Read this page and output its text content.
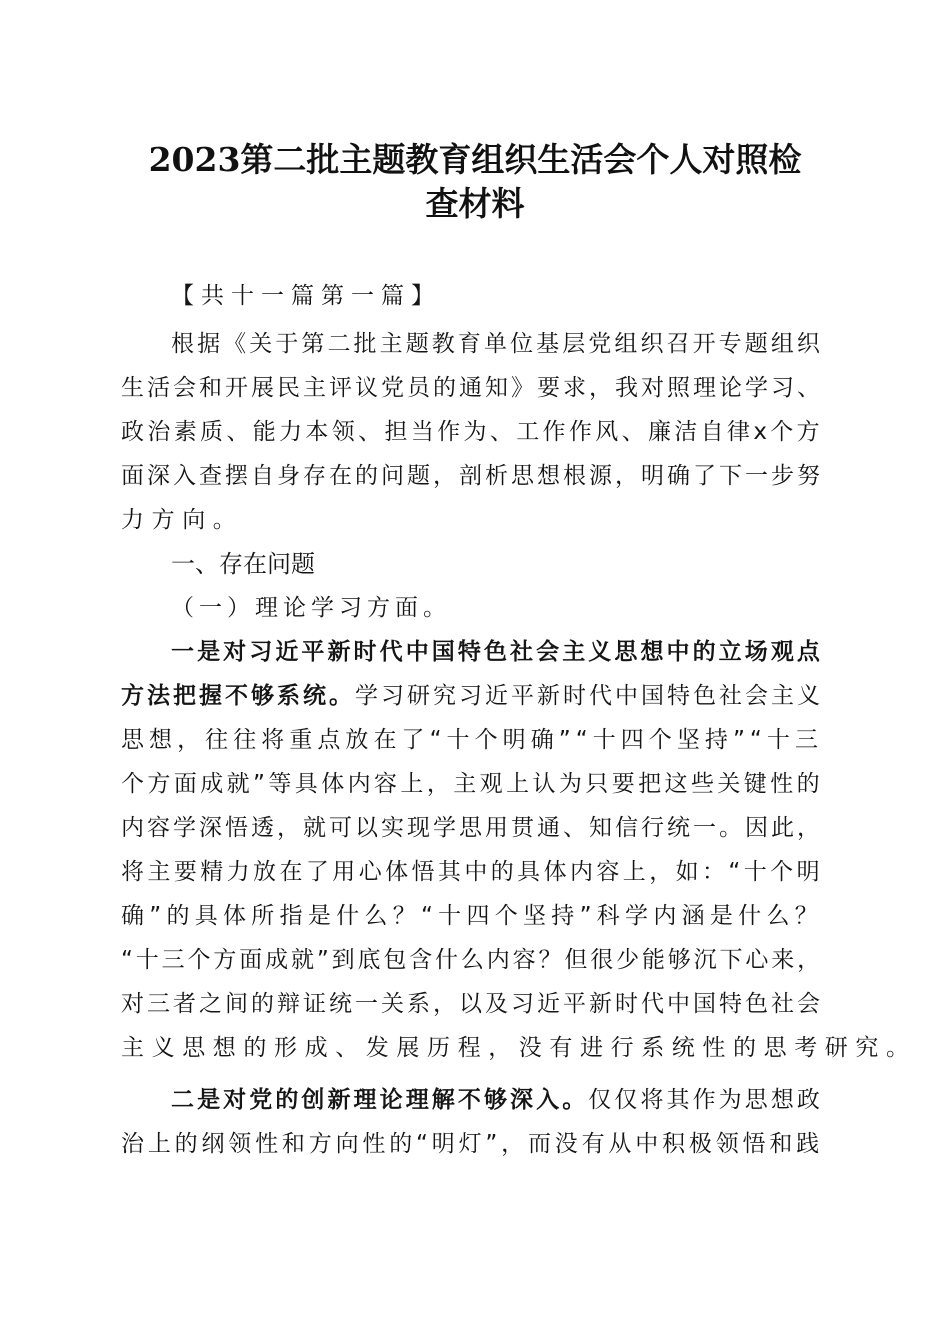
2023第二批主题教育组织生活会个人对照检
查材料
【共十一篇第一篇】
根据《关于第二批主题教育单位基层党组织召开专题组织
生活会和开展民主评议党员的通知》要求，我对照理论学习、
政治素质、能力本领、担当作为、工作作风、廉洁自律x个方
面深入查摆自身存在的问题，剖析思想根源，明确了下一步努
力方向。
一是对习近平新时代中国特色社会主义思想中的立场观点
方法把握不够系统。学习研究习近平新时代中国特色社会主义
思想，往往将重点放在了“十个明确”“十四个坚持”“十三
个方面成就”等具体内容上，主观上认为只要把这些关键性的
内容学深悟透，就可以实现学思用贯通、知信行统一。因此，
将主要精力放在了用心体悟其中的具体内容上，如：“十个明
确”的具体所指是什么？“十四个坚持”科学内涵是什么？
“十三个方面成就”到底包含什么内容？但很少能够沉下心来，
对三者之间的辩证统一关系，以及习近平新时代中国特色社会
主义思想的形成、发展历程，没有进行系统性的思考研究。
二是对党的创新理论理解不够深入。仅仅将其作为思想政
治上的纲领性和方向性的“明灯”，而没有从中积极领悟和践
一、存在问题
（一）理论学习方面。
